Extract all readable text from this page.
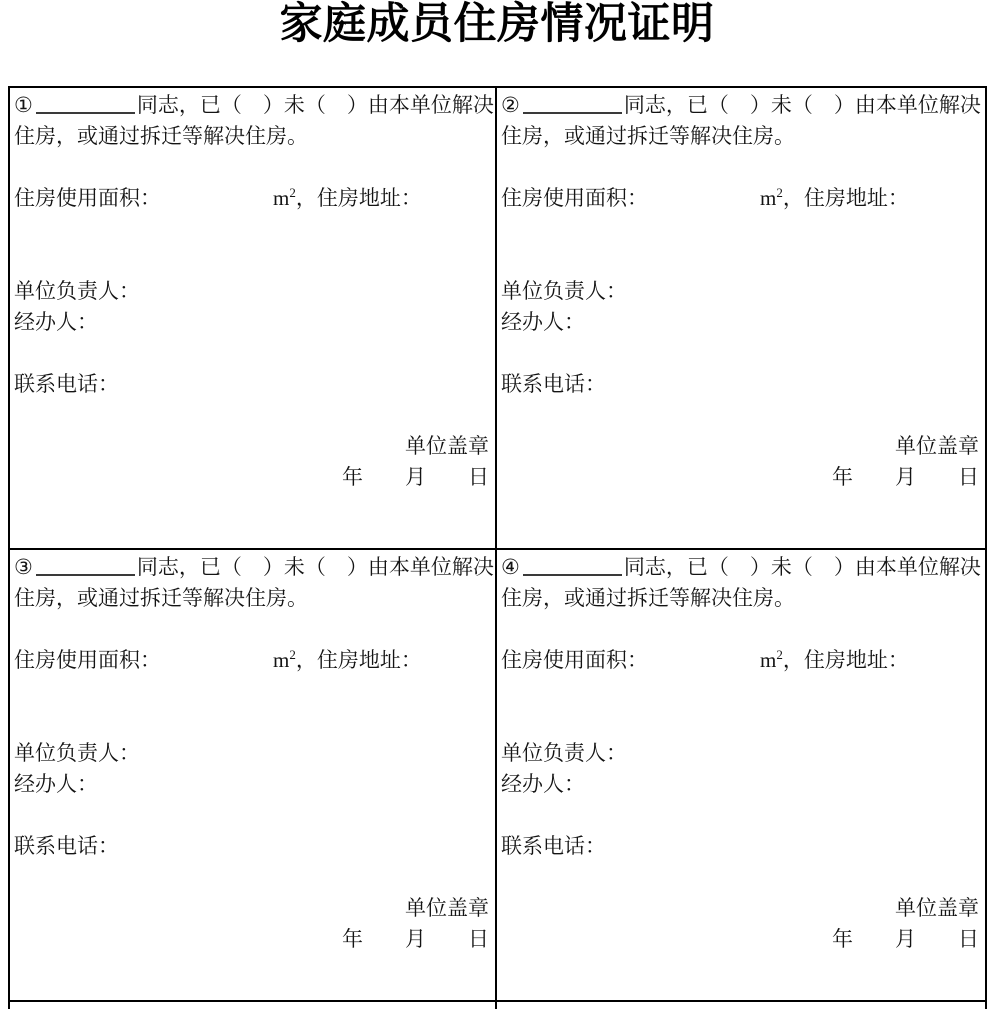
家庭成员住房情况证明
①	同志，已（　）未（　）由本单位解决
住房，或通过拆迁等解决住房。
住房使用面积：	$m^2$，住房地址：
单位负责人：
经办人：
联系电话：
单位盖章
年　　月　　日
②	同志，已（　）未（　）由本单位解决
住房，或通过拆迁等解决住房。
住房使用面积：	$m^2$，住房地址：
单位负责人：
经办人：
联系电话：
单位盖章
年　　月　　日
③	同志，已（　）未（　）由本单位解决
住房，或通过拆迁等解决住房。
住房使用面积：	$m^2$，住房地址：
单位负责人：
经办人：
联系电话：
单位盖章
年　　月　　日
④	同志，已（　）未（　）由本单位解决
住房，或通过拆迁等解决住房。
住房使用面积：	$m^2$，住房地址：
单位负责人：
经办人：
联系电话：
单位盖章
年　　月　　日
